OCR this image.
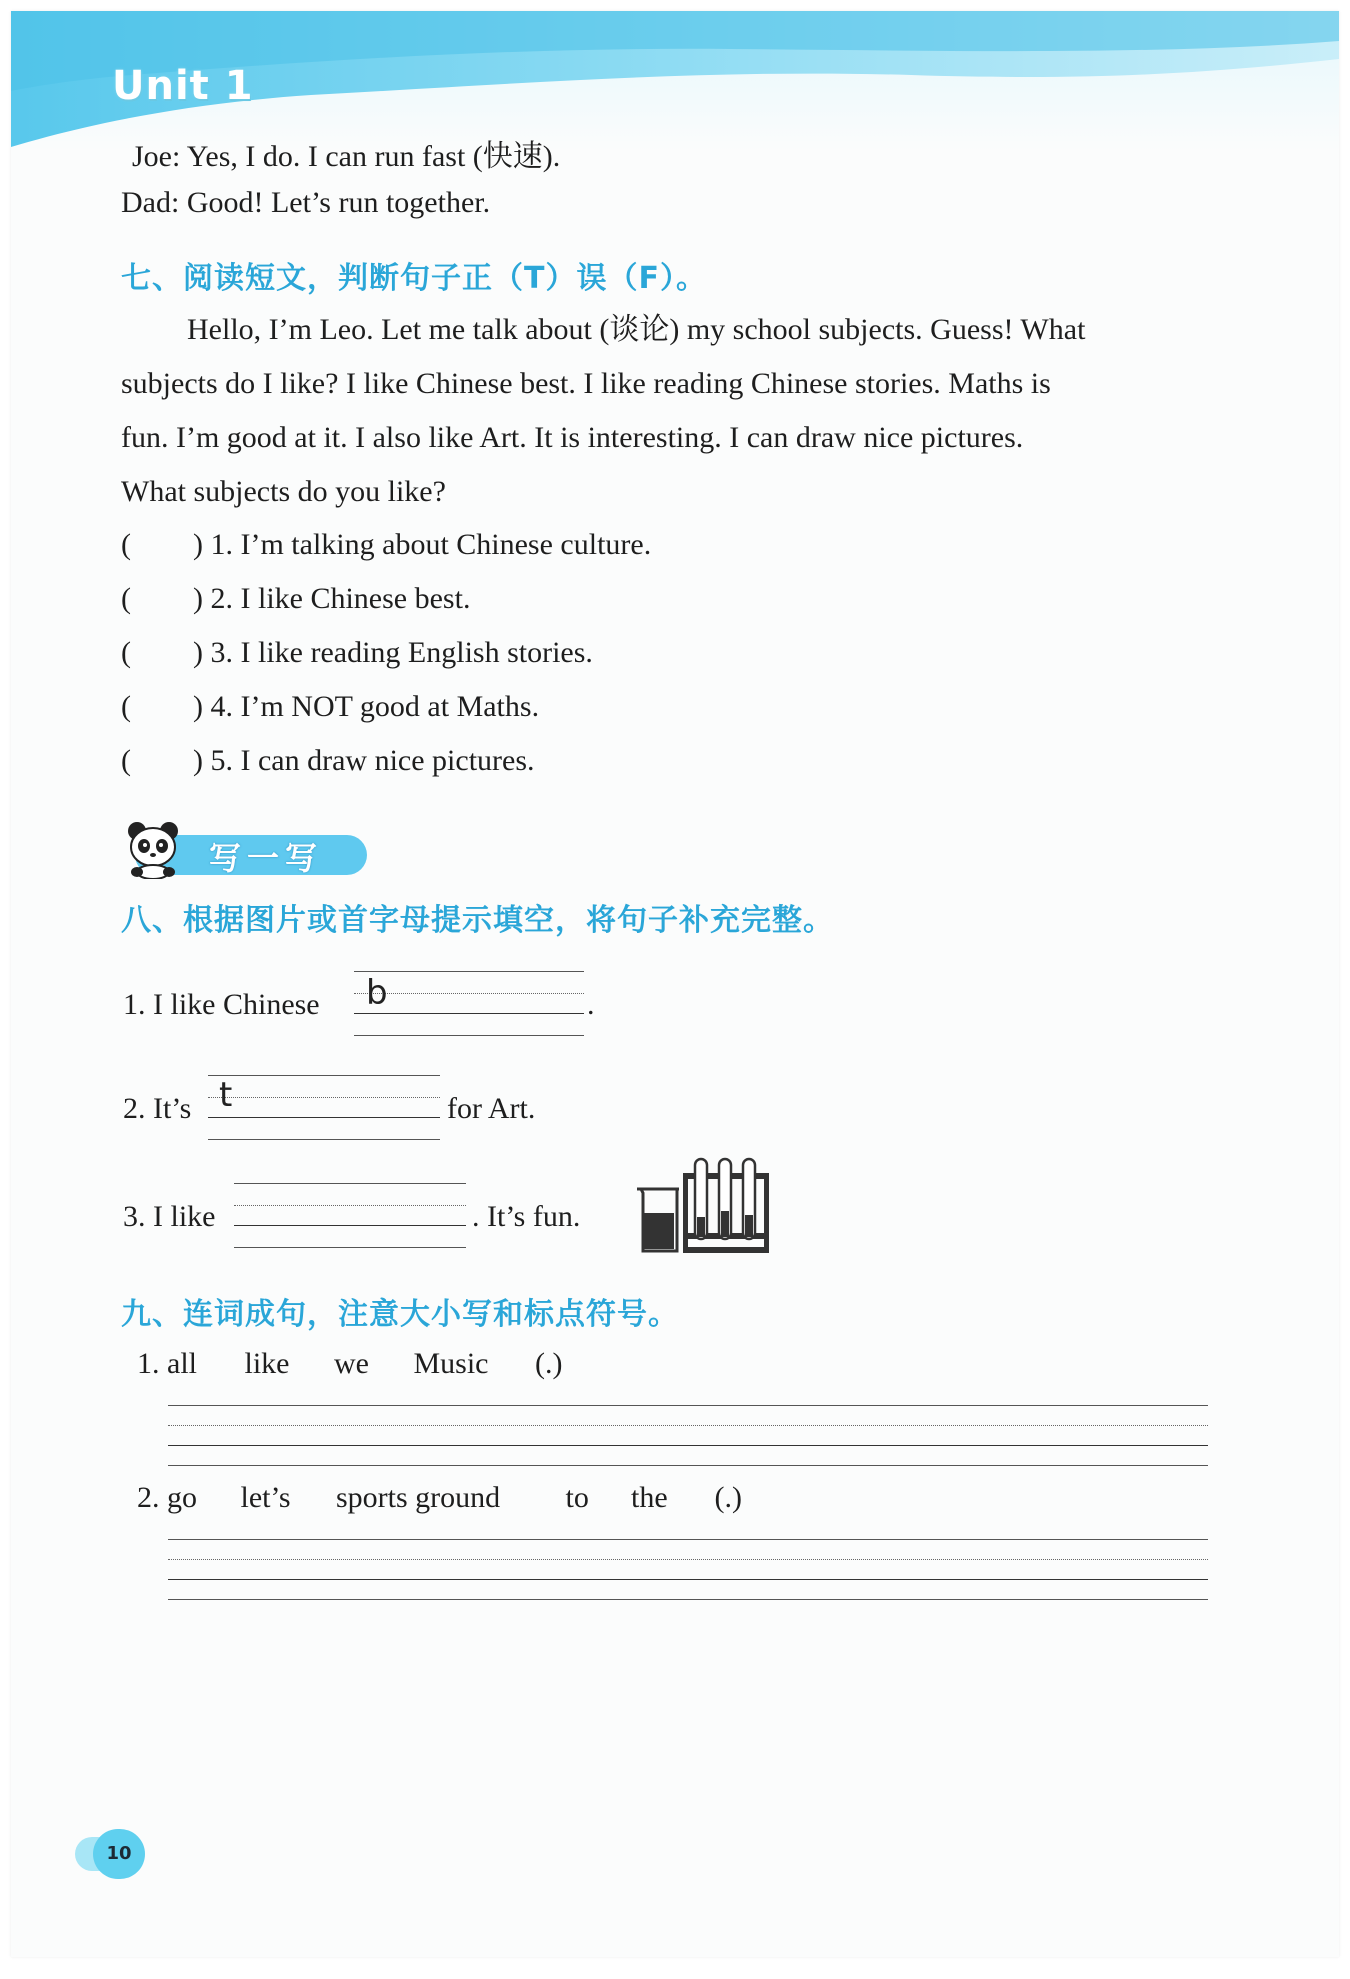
Unit 1
Joe: Yes, I do. I can run fast (快速).
Dad: Good! Let’s run together.
七、阅读短文，判断句子正（T）误（F）。
Hello, I’m Leo. Let me talk about (谈论) my school subjects. Guess! What
subjects do I like? I like Chinese best. I like reading Chinese stories. Maths is
fun. I’m good at it. I also like Art. It is interesting. I can draw nice pictures.
What subjects do you like?
( ) 1. I’m talking about Chinese culture.
( ) 2. I like Chinese best.
( ) 3. I like reading English stories.
( ) 4. I’m NOT good at Maths.
( ) 5. I can draw nice pictures.
写一写
八、根据图片或首字母提示填空，将句子补充完整。
1. I like Chinese b	.
2. It’s t	for Art.
3. I like	. It’s fun.
九、连词成句，注意大小写和标点符号。
1. all like we Music (.)
2. go let’s sports ground to the (.)
10
